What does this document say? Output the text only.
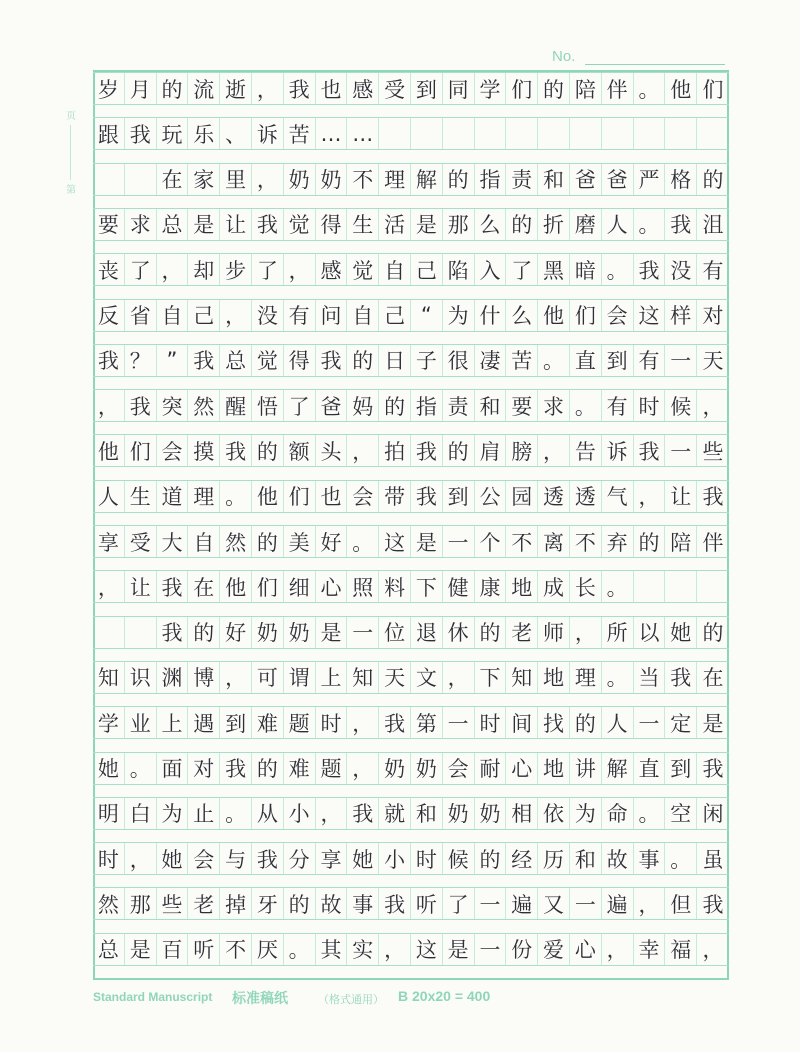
No.
页
第
岁 月 的 流 逝 ， 我 也 感 受 到 同 学 们 的 陪 伴 。 他 们
跟 我 玩 乐 、 诉 苦 … …
在 家 里 ， 奶 奶 不 理 解 的 指 责 和 爸 爸 严 格 的
要 求 总 是 让 我 觉 得 生 活 是 那 么 的 折 磨 人 。 我 沮
丧 了 ， 却 步 了 ， 感 觉 自 己 陷 入 了 黑 暗 。 我 没 有
反 省 自 己 ， 没 有 问 自 己 “ 为 什 么 他 们 会 这 样 对
我 ？ ” 我 总 觉 得 我 的 日 子 很 凄 苦 。 直 到 有 一 天
， 我 突 然 醒 悟 了 爸 妈 的 指 责 和 要 求 。 有 时 候 ，
他 们 会 摸 我 的 额 头 ， 拍 我 的 肩 膀 ， 告 诉 我 一 些
人 生 道 理 。 他 们 也 会 带 我 到 公 园 透 透 气 ， 让 我
享 受 大 自 然 的 美 好 。 这 是 一 个 不 离 不 弃 的 陪 伴
， 让 我 在 他 们 细 心 照 料 下 健 康 地 成 长 。
我 的 好 奶 奶 是 一 位 退 休 的 老 师 ， 所 以 她 的
知 识 渊 博 ， 可 谓 上 知 天 文 ， 下 知 地 理 。 当 我 在
学 业 上 遇 到 难 题 时 ， 我 第 一 时 间 找 的 人 一 定 是
她 。 面 对 我 的 难 题 ， 奶 奶 会 耐 心 地 讲 解 直 到 我
明 白 为 止 。 从 小 ， 我 就 和 奶 奶 相 依 为 命 。 空 闲
时 ， 她 会 与 我 分 享 她 小 时 候 的 经 历 和 故 事 。 虽
然 那 些 老 掉 牙 的 故 事 我 听 了 一 遍 又 一 遍 ， 但 我
总 是 百 听 不 厌 。 其 实 ， 这 是 一 份 爱 心 ， 幸 福 ，
Standard Manuscript 标准稿纸	（格式通用） B 20x20 = 400
